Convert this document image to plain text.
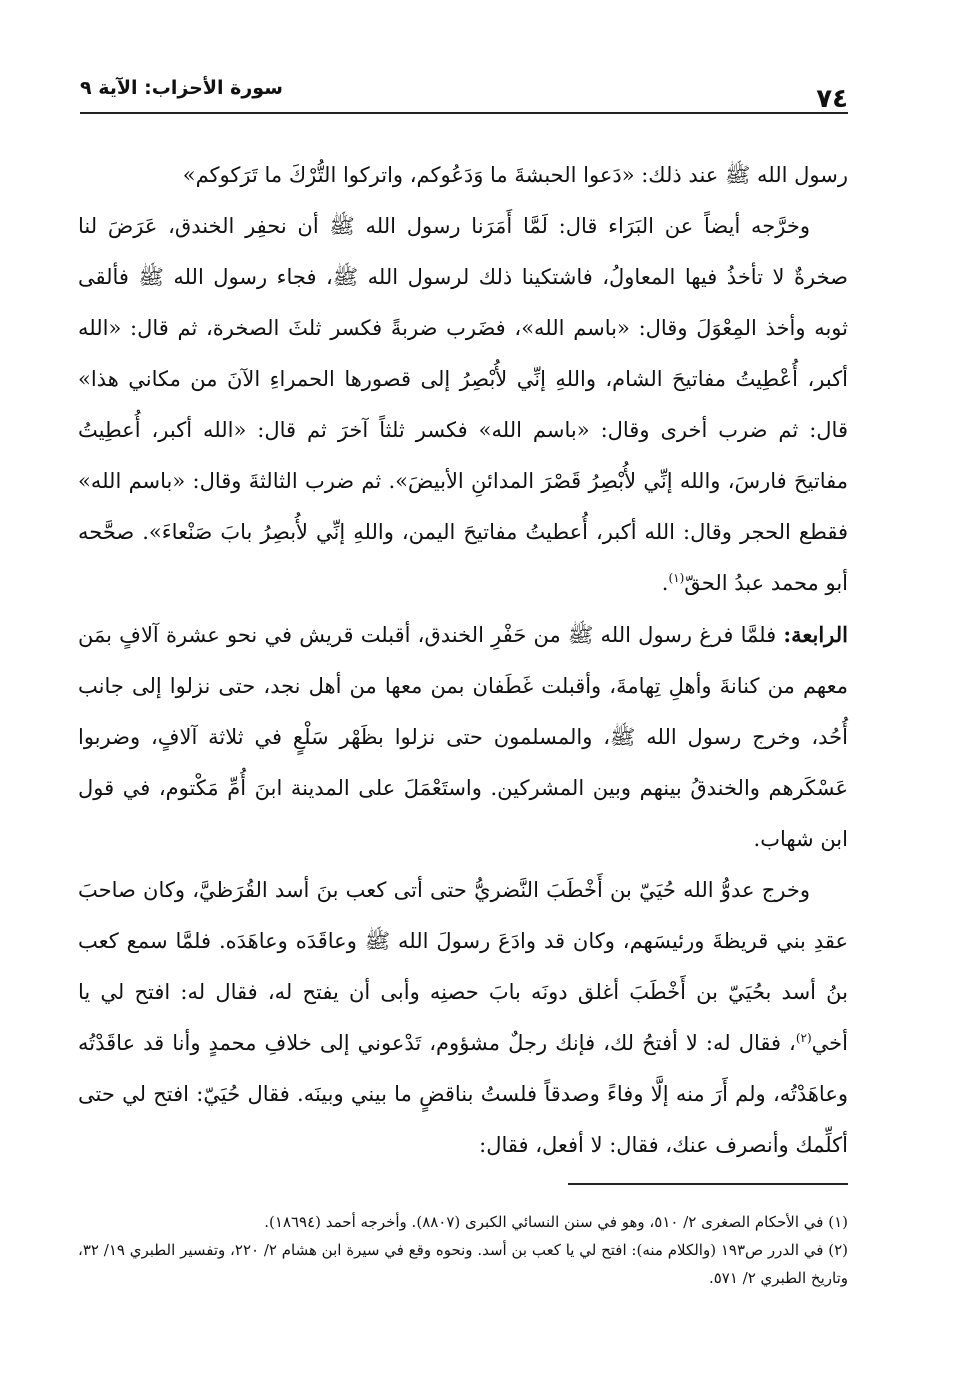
٧٤
سورة الأحزاب: الآية ٩

رسول الله ﷺ عند ذلك: «دَعوا الحبشةَ ما وَدَعُوكم، واتركوا التُّرْكَ ما تَرَكوكم»

وخرَّجه أيضاً عن البَرَاء قال: لَمَّا أَمَرَنا رسول الله ﷺ أن نحفِر الخندق، عَرَضَ لنا صخرةٌ لا تأخذُ فيها المعاولُ، فاشتكينا ذلك لرسول الله ﷺ، فجاء رسول الله ﷺ فألقى ثوبه وأخذ المِعْوَلَ وقال: «باسم الله»، فضَرب ضربةً فكسر ثلثَ الصخرة، ثم قال: «الله أكبر، أُعْطِيتُ مفاتيحَ الشام، واللهِ إنِّي لأُبْصِرُ إلى قصورها الحمراءِ الآنَ من مكاني هذا» قال: ثم ضرب أخرى وقال: «باسم الله» فكسر ثلثاً آخرَ ثم قال: «الله أكبر، أُعطِيتُ مفاتيحَ فارسَ، والله إنِّي لأُبْصِرُ قَصْرَ المدائنِ الأبيضَ». ثم ضرب الثالثةَ وقال: «باسم الله» فقطع الحجر وقال: الله أكبر، أُعطيتُ مفاتيحَ اليمن، واللهِ إنِّي لأُبصِرُ بابَ صَنْعاءَ». صحَّحه أبو محمد عبدُ الحقّ$^{(١)}$.

الرابعة: فلمَّا فرغ رسول الله ﷺ من حَفْرِ الخندق، أقبلت قريش في نحو عشرة آلافٍ بمَن معهم من كنانةَ وأهلِ تِهامةَ، وأقبلت غَطَفان بمن معها من أهل نجد، حتى نزلوا إلى جانب أُحُد، وخرج رسول الله ﷺ، والمسلمون حتى نزلوا بظَهْر سَلْعٍ في ثلاثة آلافٍ، وضربوا عَسْكَرهم والخندقُ بينهم وبين المشركين. واستَعْمَلَ على المدينة ابنَ أُمِّ مَكْتوم، في قول ابن شهاب.

وخرج عدوُّ الله حُيَيّ بن أَخْطَبَ النَّضريُّ حتى أتى كعب بنَ أسد القُرَظيَّ، وكان صاحبَ عقدِ بني قريظةَ ورئيسَهم، وكان قد وادَعَ رسولَ الله ﷺ وعاقَدَه وعاهَدَه. فلمَّا سمع كعب بنُ أسد بحُيَيّ بن أَخْطَبَ أغلق دونَه بابَ حصنِه وأبى أن يفتح له، فقال له: افتح لي يا أخي$^{(٢)}$، فقال له: لا أفتحُ لك، فإنك رجلٌ مشؤوم، تَدْعوني إلى خلافِ محمدٍ وأنا قد عاقَدْتُه وعاهَدْتُه، ولم أَرَ منه إلَّا وفاءً وصدقاً فلستُ بناقضٍ ما بيني وبينَه. فقال حُيَيّ: افتح لي حتى أكلِّمك وأنصرف عنك، فقال: لا أفعل، فقال:

(١) في الأحكام الصغرى ٢/ ٥١٠، وهو في سنن النسائي الكبرى (٨٨٠٧). وأخرجه أحمد (١٨٦٩٤).

(٢) في الدرر ص١٩٣ (والكلام منه): افتح لي يا كعب بن أسد. ونحوه وقع في سيرة ابن هشام ٢/ ٢٢٠، وتفسير الطبري ١٩/ ٣٢، وتاريخ الطبري ٢/ ٥٧١.
